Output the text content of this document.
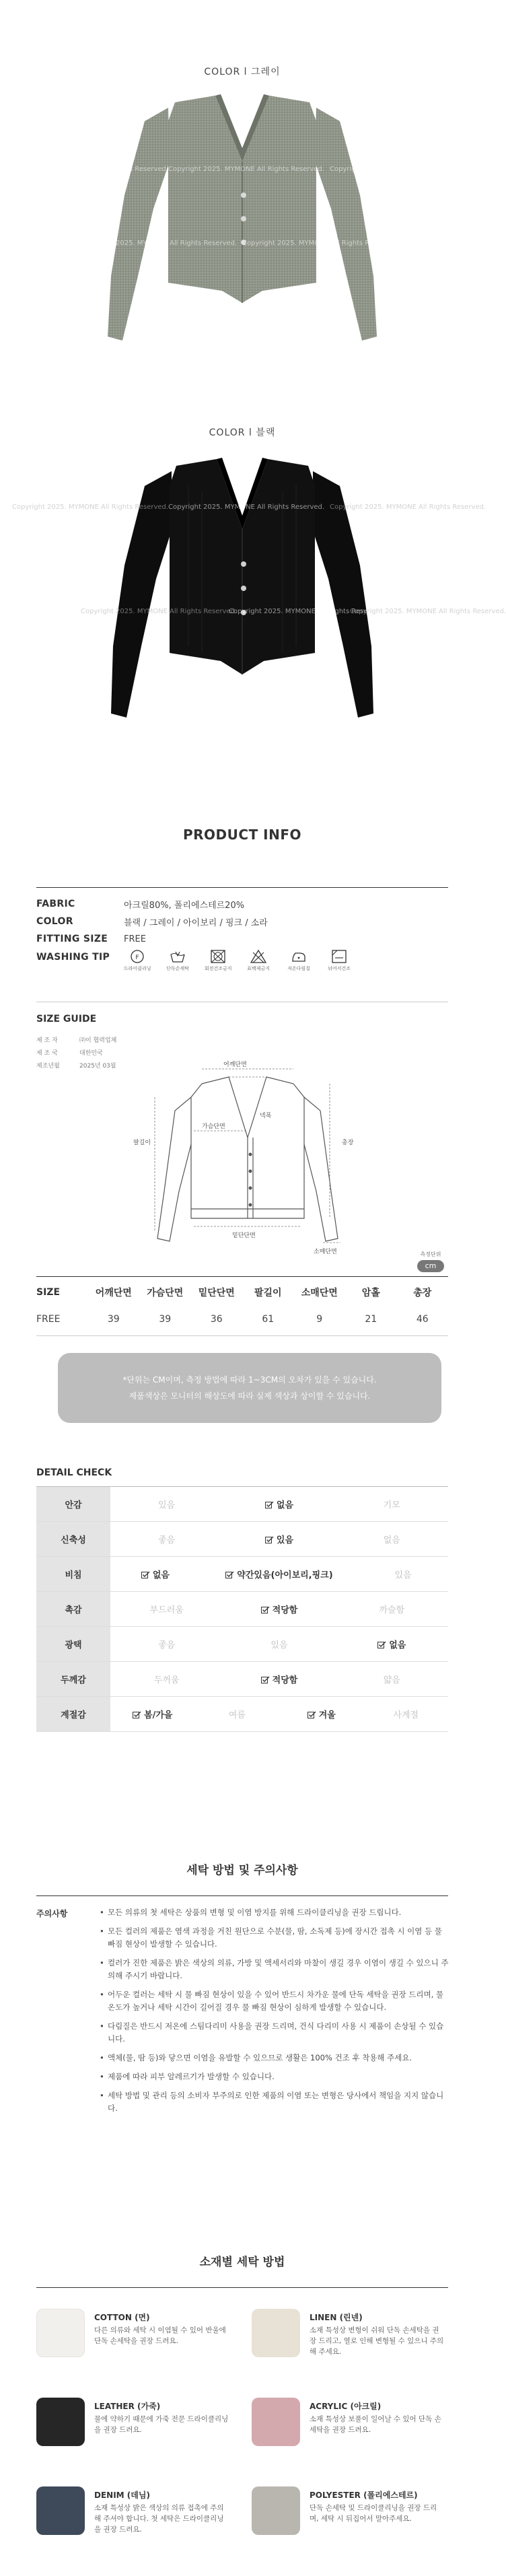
COLOR l 그레이
Copyright 2025. MYMONE All Rights Reserved. Copyright 2025. MYMONE All Rights Reserved. Copyright 2025. MYMONE All Rights Reserved.
Copyright 2025. MYMONE All Rights Reserved. Copyright 2025. MYMONE All Rights Reserved.
COLOR l 블랙
Copyright 2025. MYMONE All Rights Reserved. Copyright 2025. MYMONE All Rights Reserved. Copyright 2025. MYMONE All Rights Reserved.
Copyright 2025. MYMONE All Rights Reserved.
Copyright 2025. MYMONE All Rights Reserved.
Copyright 2025. MYMONE All Rights Reserved.
PRODUCT INFO
FABRIC	아크릴80%, 폴리에스테르20%
COLOR	블랙 / 그레이 / 아이보리 / 핑크 / 소라
FITTING SIZE	FREE
WASHING TIP	F
드라이클리닝	단독손세탁	회전건조금지	표백제금지	저온다림질	뉘어서건조
SIZE GUIDE
제 조 자	㈜이 협력업체
제 조 국	대한민국
제조년월	2025년 03월	어깨단면
넥폭
가슴단면
팔길이	총장
밑단단면
소매단면	측정단위
cm
SIZE	어깨단면	가슴단면	밑단단면	팔길이	소매단면	암홀	총장
FREE	39	39	36	61	9	21	46
*단위는 CM이며, 측정 방법에 따라 1~3CM의 오차가 있을 수 있습니다.
제품색상은 모니터의 해상도에 따라 실제 색상과 상이할 수 있습니다.
DETAIL CHECK
안감	있음	없음	기모
신축성	좋음	있음	없음
비침	없음	약간있음(아이보리,핑크)	있음
촉감	부드러움	적당함	까슬함
광택	좋음	있음	없음
두께감	두꺼움	적당함	얇음
계절감	봄/가을	여름	겨울	사계절
세탁 방법 및 주의사항
주의사항
•	모든 의류의 첫 세탁은 상품의 변형 및 이염 방지를 위해 드라이클리닝을 권장 드립니다.
• 모든 컬러의 제품은 염색 과정을 거친 원단으로 수분(물, 땀, 소독제 등)에 장시간 접촉 시 이염 등 물 빠짐 현상이 발생할 수 있습니다.
• 컬러가 진한 제품은 밝은 색상의 의류, 가방 및 액세서리와 마찰이 생길 경우 이염이 생길 수 있으니 주의해 주시기 바랍니다.
• 어두운 컬러는 세탁 시 물 빠짐 현상이 있을 수 있어 반드시 차가운 물에 단독 세탁을 권장 드리며, 물 온도가 높거나 세탁 시간이 길어질 경우 물 빠짐 현상이 심하게 발생할 수 있습니다.
• 다림질은 반드시 저온에 스팀다리미 사용을 권장 드리며, 건식 다리미 사용 시 제품이 손상될 수 있습니다.
• 액체(물, 땀 등)와 닿으면 이염을 유발할 수 있으므로 생활은 100% 건조 후 착용해 주세요.
• 제품에 따라 피부 알레르기가 발생할 수 있습니다.
• 세탁 방법 및 관리 등의 소비자 부주의로 인한 제품의 이염 또는 변형은 당사에서 책임을 지지 않습니다.
소재별 세탁 방법
COTTON (면)
다른 의류와 세탁 시 이염될 수 있어 반울에 단독 손세탁을 권장 드려요.
LINEN (린넨)
소재 특성상 변형이 쉬워 단독 손세탁을 권장 드리고, 열로 인해 변형될 수 있으니 주의해 주세요.
LEATHER (가죽)
물에 약하기 때문에 가죽 전문 드라이클리닝을 권장 드려요.
ACRYLIC (아크릴)
소재 특성상 보풀이 일어날 수 있어 단독 손세탁을 권장 드려요.
DENIM (데님)
소재 특성상 밝은 색상의 의류 접촉에 주의해 주셔야 합니다. 첫 세탁은 드라이클리닝을 권장 드려요.
POLYESTER (폴리에스테르)
단독 손세탁 및 드라이클리닝을 권장 드리며, 세탁 시 뒤집어서 말아주세요.
